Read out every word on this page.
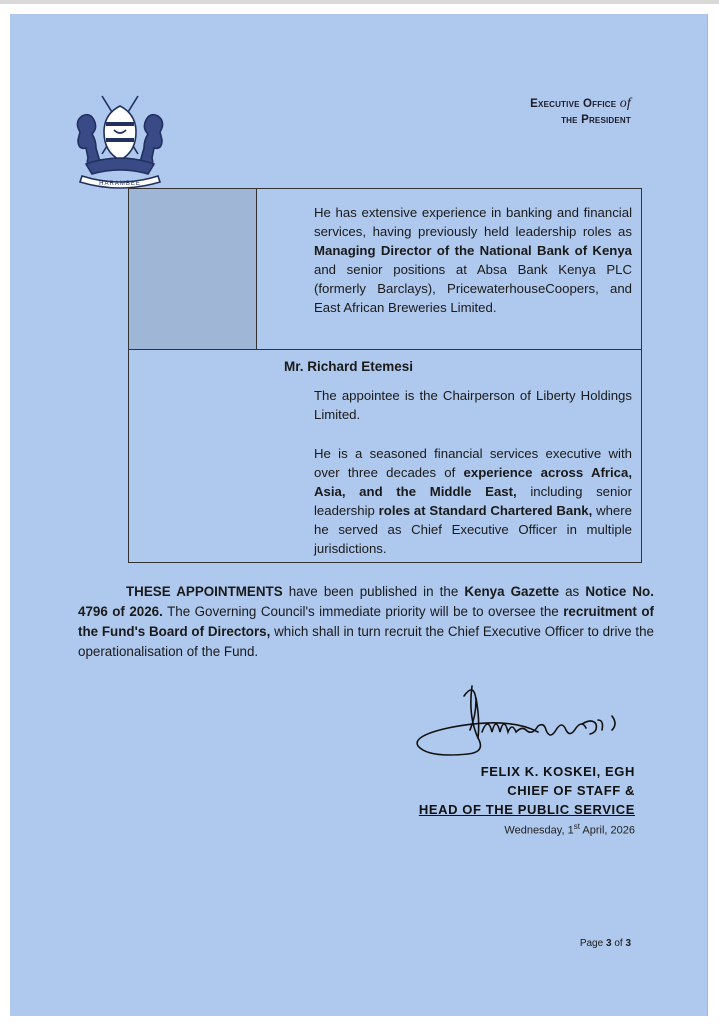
HARAMBEE
Executive Office of
the President
He has extensive experience in banking and financial services, having previously held leadership roles as Managing Director of the National Bank of Kenya and senior positions at Absa Bank Kenya PLC (formerly Barclays), PricewaterhouseCoopers, and East African Breweries Limited.
Mr. Richard Etemesi
The appointee is the Chairperson of Liberty Holdings Limited.
He is a seasoned financial services executive with over three decades of experience across Africa, Asia, and the Middle East, including senior leadership roles at Standard Chartered Bank, where he served as Chief Executive Officer in multiple jurisdictions.
THESE APPOINTMENTS have been published in the Kenya Gazette as Notice No. 4796 of 2026. The Governing Council's immediate priority will be to oversee the recruitment of the Fund's Board of Directors, which shall in turn recruit the Chief Executive Officer to drive the operationalisation of the Fund.
FELIX K. KOSKEI, EGH
CHIEF OF STAFF &
HEAD OF THE PUBLIC SERVICE
Wednesday, 1st April, 2026
Page 3 of 3
